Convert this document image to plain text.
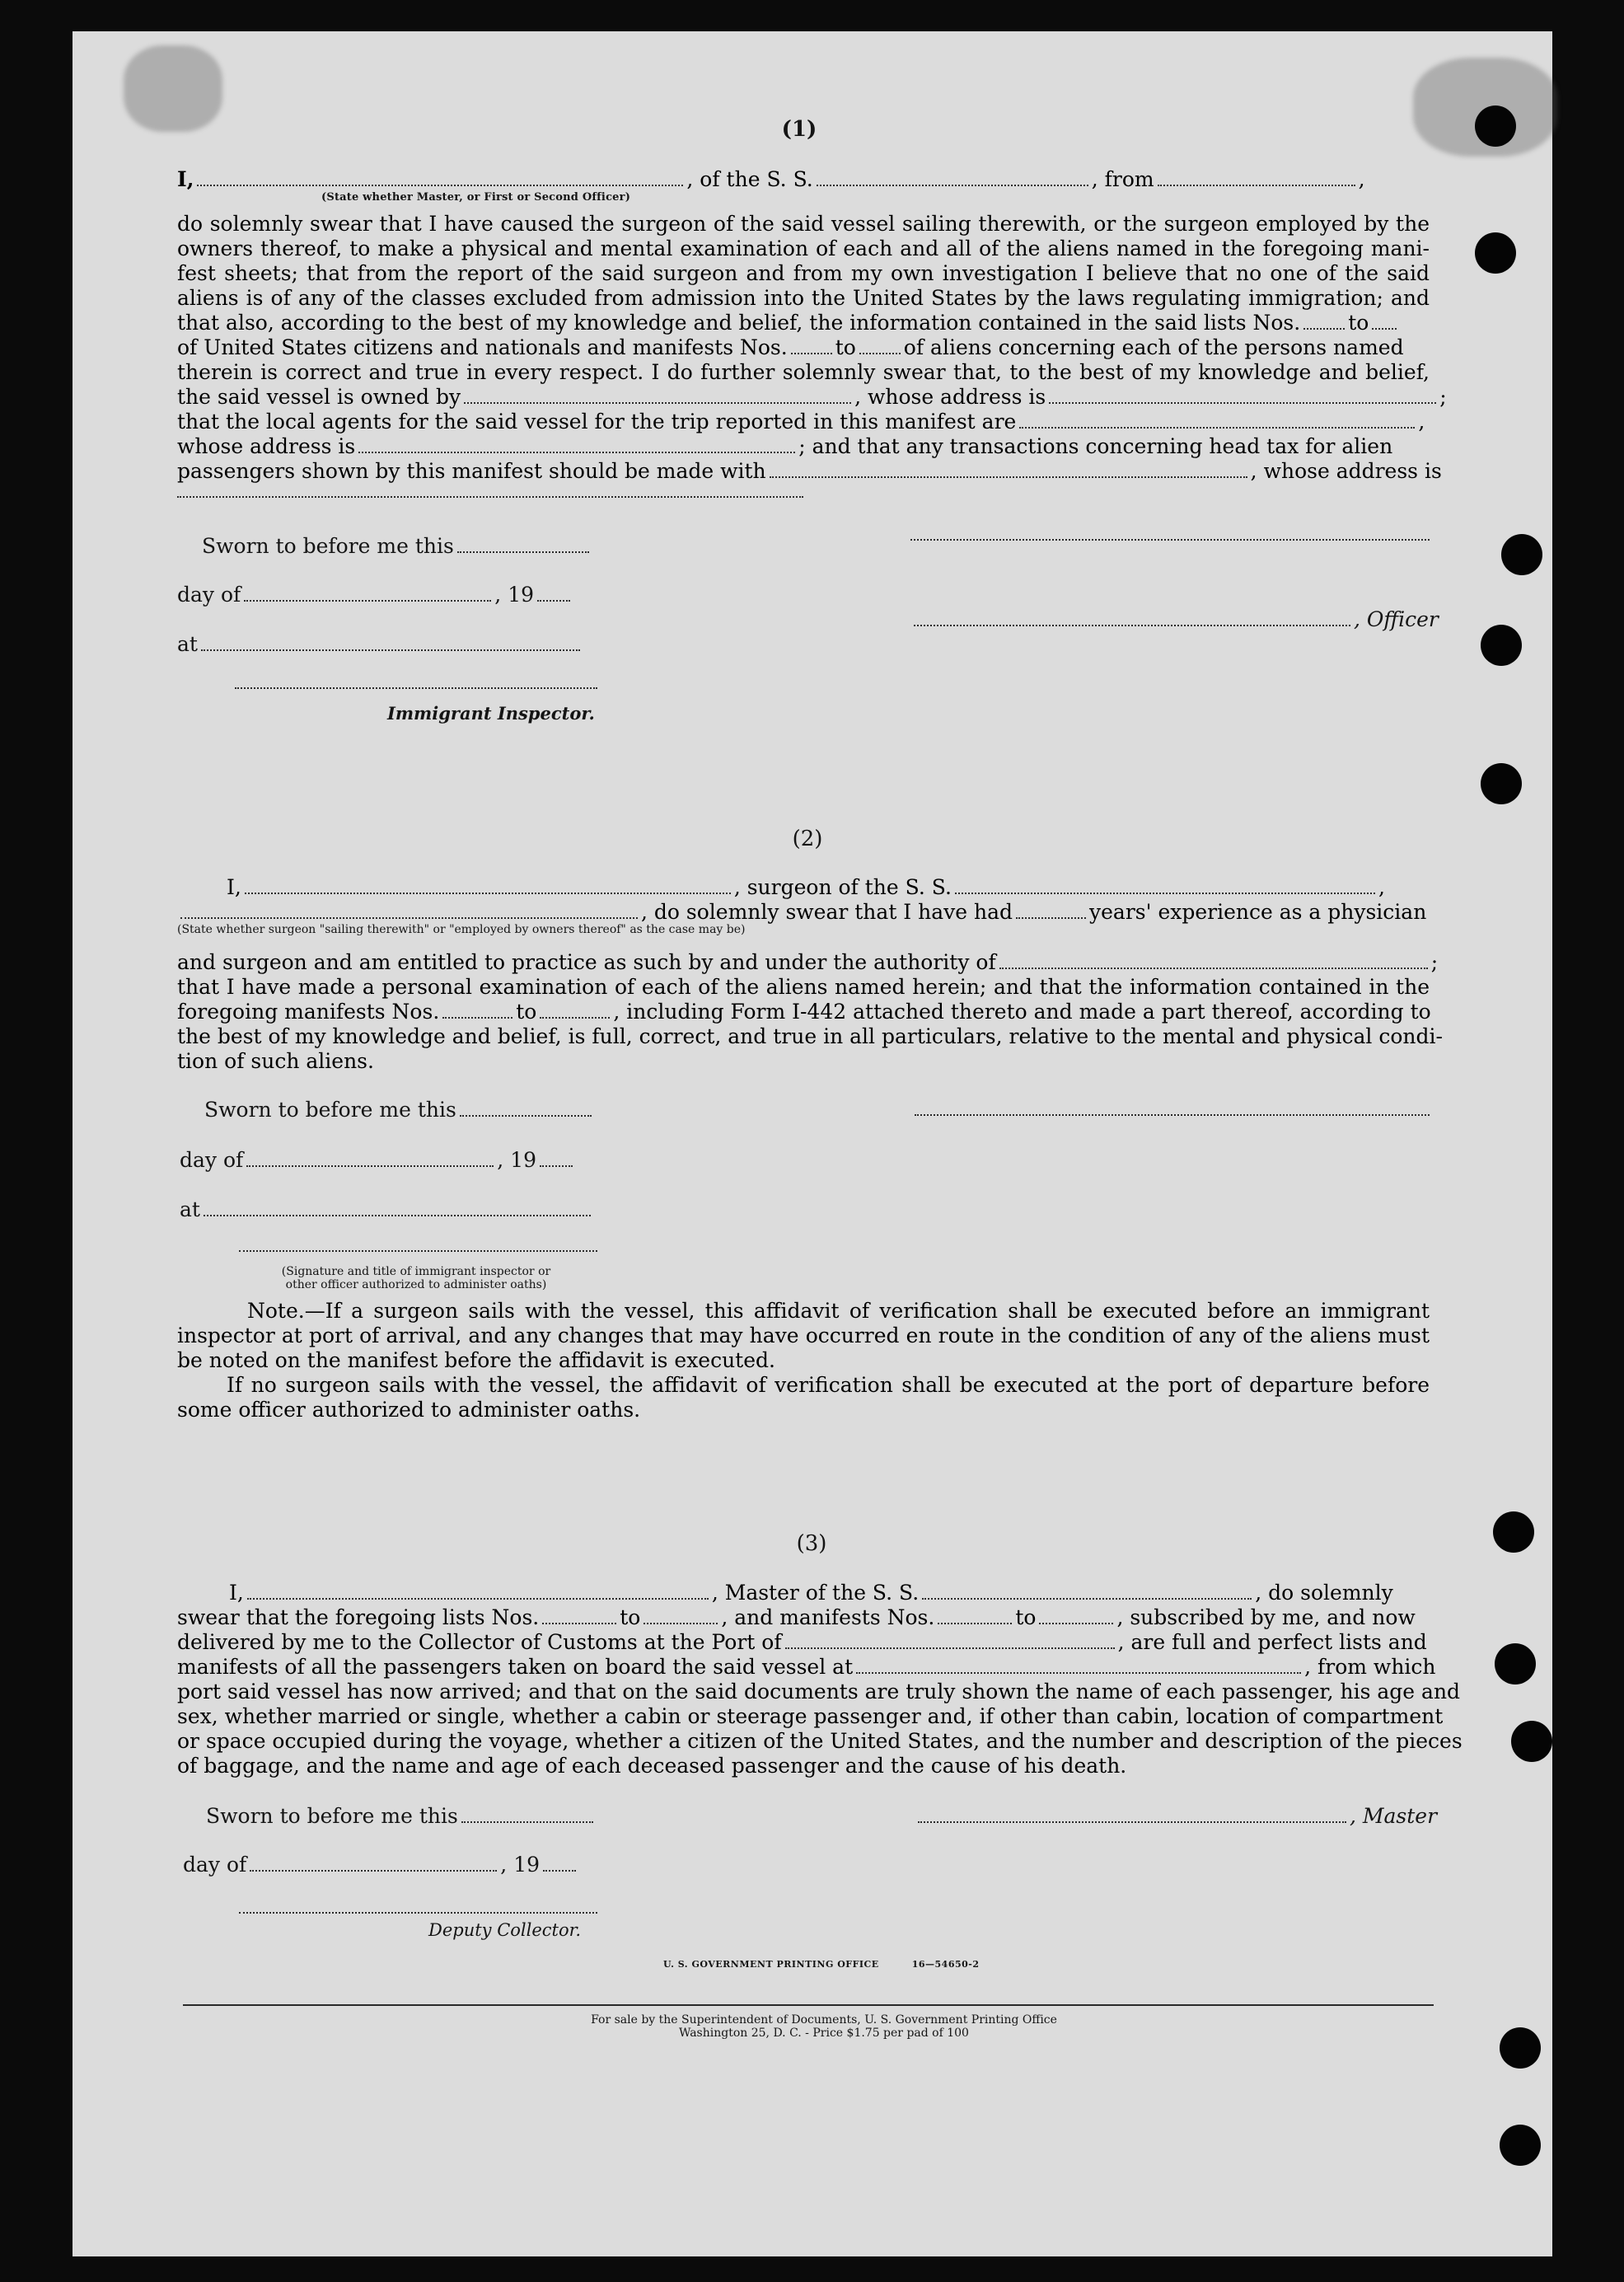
(1)
I,	, of the S. S.	, from	,
(State whether Master, or First or Second Officer)
do solemnly swear that I have caused the surgeon of the said vessel sailing therewith, or the surgeon employed by the
owners thereof, to make a physical and mental examination of each and all of the aliens named in the foregoing mani-
fest sheets; that from the report of the said surgeon and from my own investigation I believe that no one of the said
aliens is of any of the classes excluded from admission into the United States by the laws regulating immigration; and
that also, according to the best of my knowledge and belief, the information contained in the said lists Nos. to
of United States citizens and nationals and manifests Nos. to of aliens concerning each of the persons named
therein is correct and true in every respect. I do further solemnly swear that, to the best of my knowledge and belief,
the said vessel is owned by	, whose address is	;
that the local agents for the said vessel for the trip reported in this manifest are	,
whose address is	; and that any transactions concerning head tax for alien
passengers shown by this manifest should be made with	, whose address is
Sworn to before me this
day of	, 19
, Officer
at
Immigrant Inspector.
(2)
I,	, surgeon of the S. S.	,
, do solemnly swear that I have had	years' experience as a physician
(State whether surgeon "sailing therewith" or "employed by owners thereof" as the case may be)
and surgeon and am entitled to practice as such by and under the authority of	;
that I have made a personal examination of each of the aliens named herein; and that the information contained in the
foregoing manifests Nos.	to	, including Form I-442 attached thereto and made a part thereof, according to
the best of my knowledge and belief, is full, correct, and true in all particulars, relative to the mental and physical condi-
tion of such aliens.
Sworn to before me this
day of	, 19
at
(Signature and title of immigrant inspector or
other officer authorized to administer oaths)
Note.—If a surgeon sails with the vessel, this affidavit of verification shall be executed before an immigrant
inspector at port of arrival, and any changes that may have occurred en route in the condition of any of the aliens must
be noted on the manifest before the affidavit is executed.
If no surgeon sails with the vessel, the affidavit of verification shall be executed at the port of departure before
some officer authorized to administer oaths.
(3)
I,	, Master of the S. S.	, do solemnly
swear that the foregoing lists Nos.	to	, and manifests Nos.	to	, subscribed by me, and now
delivered by me to the Collector of Customs at the Port of	, are full and perfect lists and
manifests of all the passengers taken on board the said vessel at	, from which
port said vessel has now arrived; and that on the said documents are truly shown the name of each passenger, his age and
sex, whether married or single, whether a cabin or steerage passenger and, if other than cabin, location of compartment
or space occupied during the voyage, whether a citizen of the United States, and the number and description of the pieces
of baggage, and the name and age of each deceased passenger and the cause of his death.
Sworn to before me this	, Master
day of	, 19
Deputy Collector.
U. S. GOVERNMENT PRINTING OFFICE	16—54650-2
For sale by the Superintendent of Documents, U. S. Government Printing Office
Washington 25, D. C. - Price $1.75 per pad of 100
